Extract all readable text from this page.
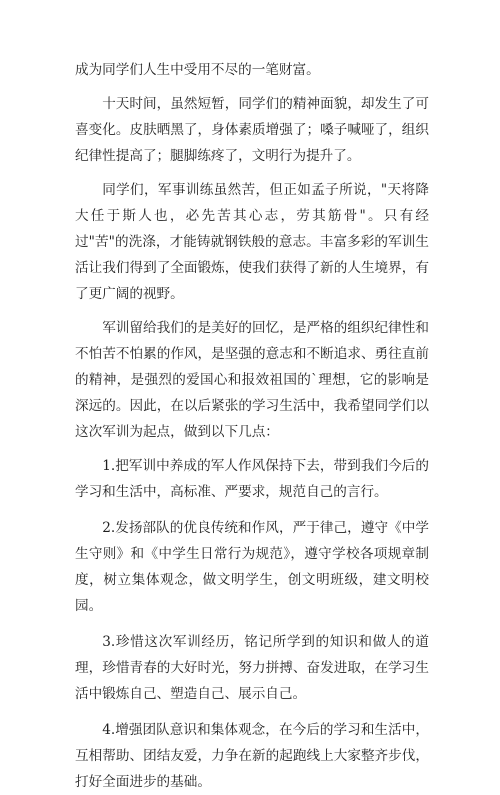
成为同学们人生中受用不尽的一笔财富。

十天时间，虽然短暂，同学们的精神面貌，却发生了可喜变化。皮肤晒黑了，身体素质增强了；嗓子喊哑了，组织纪律性提高了；腿脚练疼了，文明行为提升了。

同学们，军事训练虽然苦，但正如孟子所说，"天将降大任于斯人也，必先苦其心志，劳其筋骨"。只有经过"苦"的洗涤，才能铸就钢铁般的意志。丰富多彩的军训生活让我们得到了全面锻炼，使我们获得了新的人生境界，有了更广阔的视野。

军训留给我们的是美好的回忆，是严格的组织纪律性和不怕苦不怕累的作风，是坚强的意志和不断追求、勇往直前的精神，是强烈的爱国心和报效祖国的`理想，它的影响是深远的。因此，在以后紧张的学习生活中，我希望同学们以这次军训为起点，做到以下几点：

1.把军训中养成的军人作风保持下去，带到我们今后的学习和生活中，高标准、严要求，规范自己的言行。

2.发扬部队的优良传统和作风，严于律己，遵守《中学生守则》和《中学生日常行为规范》，遵守学校各项规章制度，树立集体观念，做文明学生，创文明班级，建文明校园。

3.珍惜这次军训经历，铭记所学到的知识和做人的道理，珍惜青春的大好时光，努力拼搏、奋发进取，在学习生活中锻炼自己、塑造自己、展示自己。

4.增强团队意识和集体观念，在今后的学习和生活中，互相帮助、团结友爱，力争在新的起跑线上大家整齐步伐，打好全面进步的基础。
